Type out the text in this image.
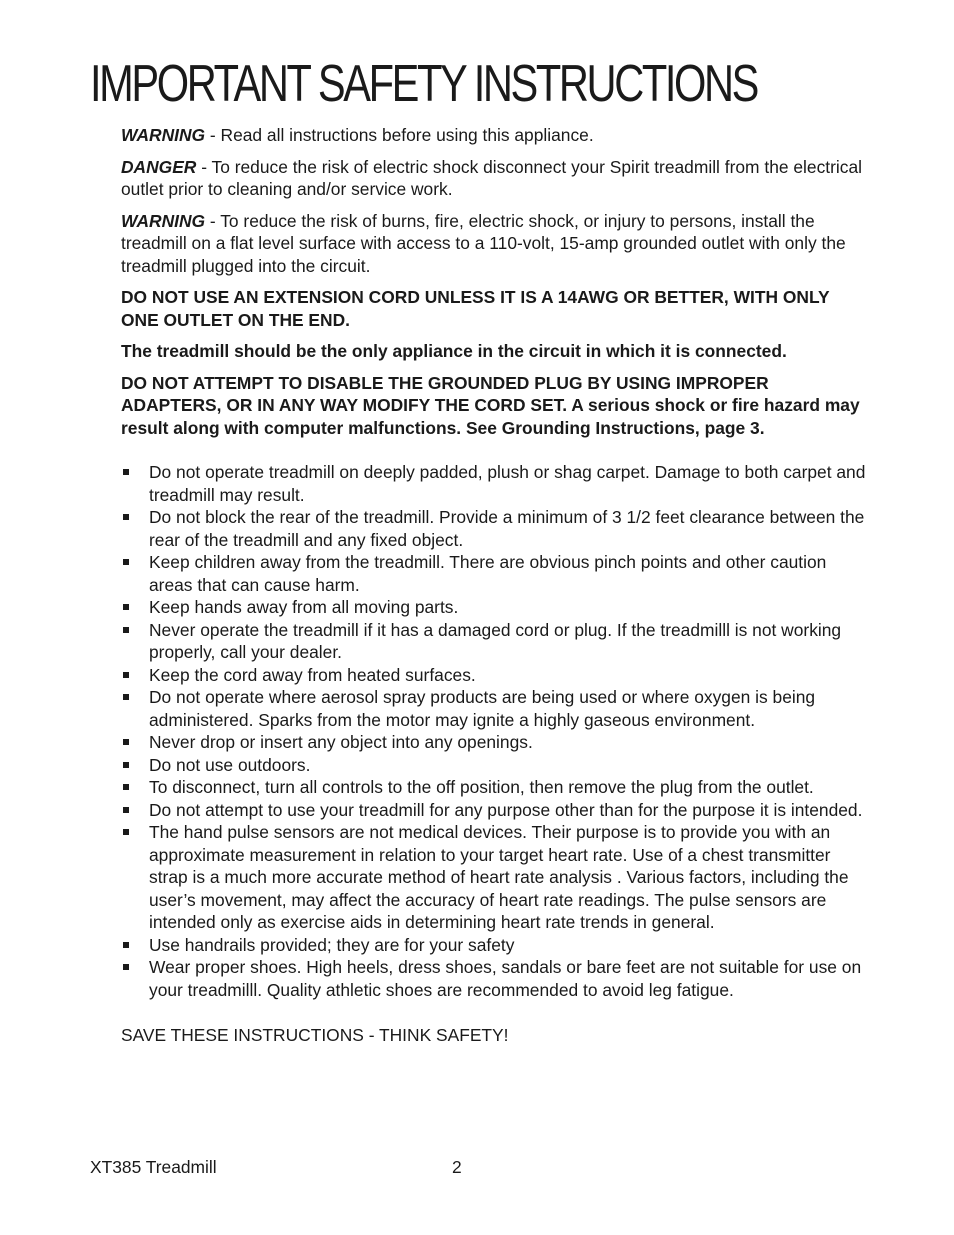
IMPORTANT SAFETY INSTRUCTIONS

WARNING - Read all instructions before using this appliance.

DANGER - To reduce the risk of electric shock disconnect your Spirit treadmill from the electrical outlet prior to cleaning and/or service work.

WARNING - To reduce the risk of burns, fire, electric shock, or injury to persons, install the treadmill on a flat level surface with access to a 110-volt, 15-amp grounded outlet with only the treadmill plugged into the circuit.

DO NOT USE AN EXTENSION CORD UNLESS IT IS A 14AWG OR BETTER, WITH ONLY ONE OUTLET ON THE END.

The treadmill should be the only appliance in the circuit in which it is connected.

DO NOT ATTEMPT TO DISABLE THE GROUNDED PLUG BY USING IMPROPER ADAPTERS, OR IN ANY WAY MODIFY THE CORD SET. A serious shock or fire hazard may result along with computer malfunctions. See Grounding Instructions, page 3.

Do not operate treadmill on deeply padded, plush or shag carpet. Damage to both carpet and treadmill may result.
Do not block the rear of the treadmill. Provide a minimum of 3 1/2 feet clearance between the rear of the treadmill and any fixed object.
Keep children away from the treadmill. There are obvious pinch points and other caution areas that can cause harm.
Keep hands away from all moving parts.
Never operate the treadmill if it has a damaged cord or plug. If the treadmilll is not working properly, call your dealer.
Keep the cord away from heated surfaces.
Do not operate where aerosol spray products are being used or where oxygen is being administered. Sparks from the motor may ignite a highly gaseous environment.
Never drop or insert any object into any openings.
Do not use outdoors.
To disconnect, turn all controls to the off position, then remove the plug from the outlet.
Do not attempt to use your treadmill for any purpose other than for the purpose it is intended.
The hand pulse sensors are not medical devices. Their purpose is to provide you with an approximate measurement in relation to your target heart rate. Use of a chest transmitter strap is a much more accurate method of heart rate analysis . Various factors, including the user’s movement, may affect the accuracy of heart rate readings. The pulse sensors are intended only as exercise aids in determining heart rate trends in general.
Use handrails provided; they are for your safety
Wear proper shoes. High heels, dress shoes, sandals or bare feet are not suitable for use on your treadmilll. Quality athletic shoes are recommended to avoid leg fatigue.

SAVE THESE INSTRUCTIONS - THINK SAFETY!

XT385 Treadmill	2
